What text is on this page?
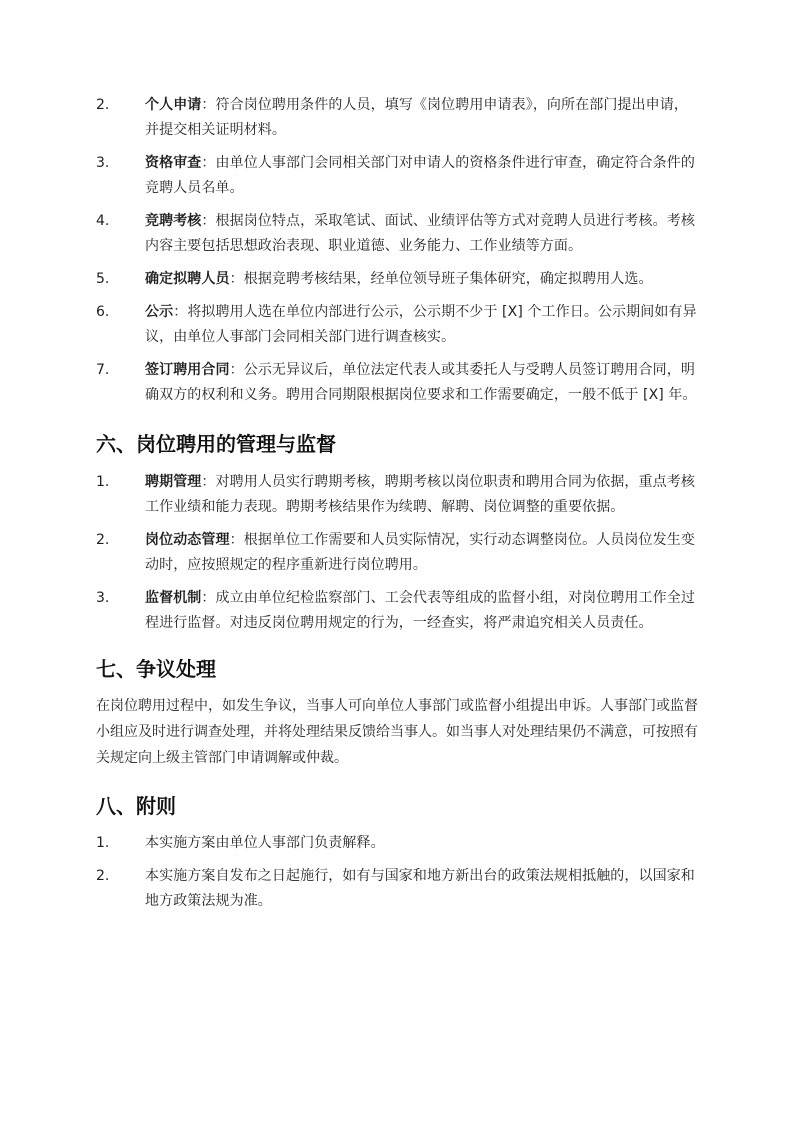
2.	个人申请：符合岗位聘用条件的人员，填写《岗位聘用申请表》，向所在部门提出申请，并提交相关证明材料。
3.	资格审查：由单位人事部门会同相关部门对申请人的资格条件进行审查，确定符合条件的竞聘人员名单。
4.	竞聘考核：根据岗位特点，采取笔试、面试、业绩评估等方式对竞聘人员进行考核。考核内容主要包括思想政治表现、职业道德、业务能力、工作业绩等方面。
5.	确定拟聘人员：根据竞聘考核结果，经单位领导班子集体研究，确定拟聘用人选。
6.	公示：将拟聘用人选在单位内部进行公示，公示期不少于 [X] 个工作日。公示期间如有异议，由单位人事部门会同相关部门进行调查核实。
7.	签订聘用合同：公示无异议后，单位法定代表人或其委托人与受聘人员签订聘用合同，明确双方的权利和义务。聘用合同期限根据岗位要求和工作需要确定，一般不低于 [X] 年。
六、岗位聘用的管理与监督
1.	聘期管理：对聘用人员实行聘期考核，聘期考核以岗位职责和聘用合同为依据，重点考核工作业绩和能力表现。聘期考核结果作为续聘、解聘、岗位调整的重要依据。
2.	岗位动态管理：根据单位工作需要和人员实际情况，实行动态调整岗位。人员岗位发生变动时，应按照规定的程序重新进行岗位聘用。
3.	监督机制：成立由单位纪检监察部门、工会代表等组成的监督小组，对岗位聘用工作全过程进行监督。对违反岗位聘用规定的行为，一经查实，将严肃追究相关人员责任。
七、争议处理

在岗位聘用过程中，如发生争议，当事人可向单位人事部门或监督小组提出申诉。人事部门或监督小组应及时进行调查处理，并将处理结果反馈给当事人。如当事人对处理结果仍不满意，可按照有关规定向上级主管部门申请调解或仲裁。

八、附则
1.	本实施方案由单位人事部门负责解释。
2.	本实施方案自发布之日起施行，如有与国家和地方新出台的政策法规相抵触的，以国家和地方政策法规为准。
